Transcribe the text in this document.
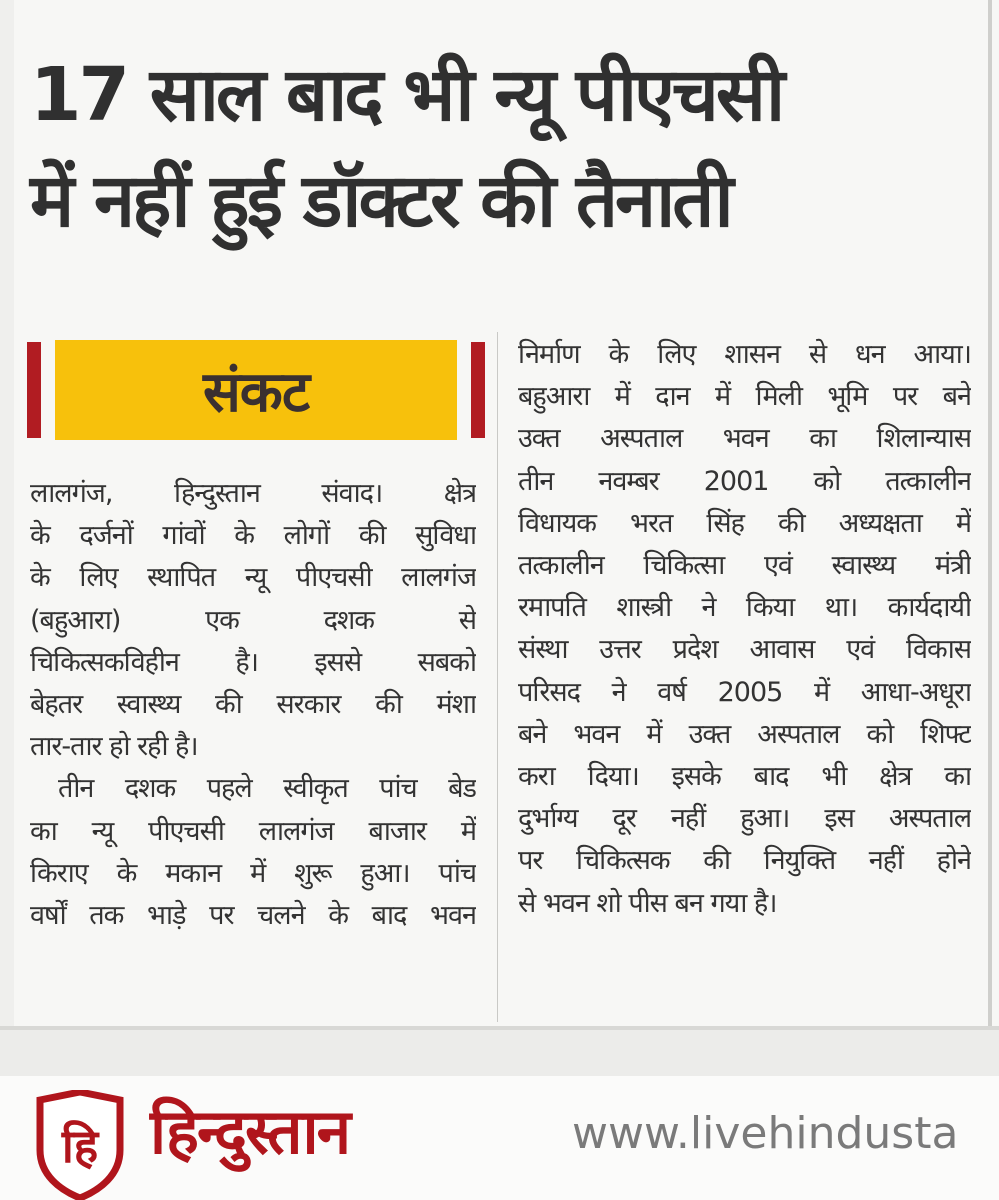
17 साल बाद भी न्यू पीएचसी
में नहीं हुई डॉक्टर की तैनाती
संकट
लालगंज, हिन्दुस्तान संवाद। क्षेत्र
के दर्जनों गांवों के लोगों की सुविधा
के लिए स्थापित न्यू पीएचसी लालगंज
(बहुआरा) एक दशक से
चिकित्सकविहीन है। इससे सबको
बेहतर स्वास्थ्य की सरकार की मंशा
तार-तार हो रही है।
तीन दशक पहले स्वीकृत पांच बेड
का न्यू पीएचसी लालगंज बाजार में
किराए के मकान में शुरू हुआ। पांच
वर्षों तक भाड़े पर चलने के बाद भवन
निर्माण के लिए शासन से धन आया।
बहुआरा में दान में मिली भूमि पर बने
उक्त अस्पताल भवन का शिलान्यास
तीन नवम्बर 2001 को तत्कालीन
विधायक भरत सिंह की अध्यक्षता में
तत्कालीन चिकित्सा एवं स्वास्थ्य मंत्री
रमापति शास्त्री ने किया था। कार्यदायी
संस्था उत्तर प्रदेश आवास एवं विकास
परिसद ने वर्ष 2005 में आधा-अधूरा
बने भवन में उक्त अस्पताल को शिफ्ट
करा दिया। इसके बाद भी क्षेत्र का
दुर्भाग्य दूर नहीं हुआ। इस अस्पताल
पर चिकित्सक की नियुक्ति नहीं होने
से भवन शो पीस बन गया है।
हि हिन्दुस्तान	www.livehindusta
